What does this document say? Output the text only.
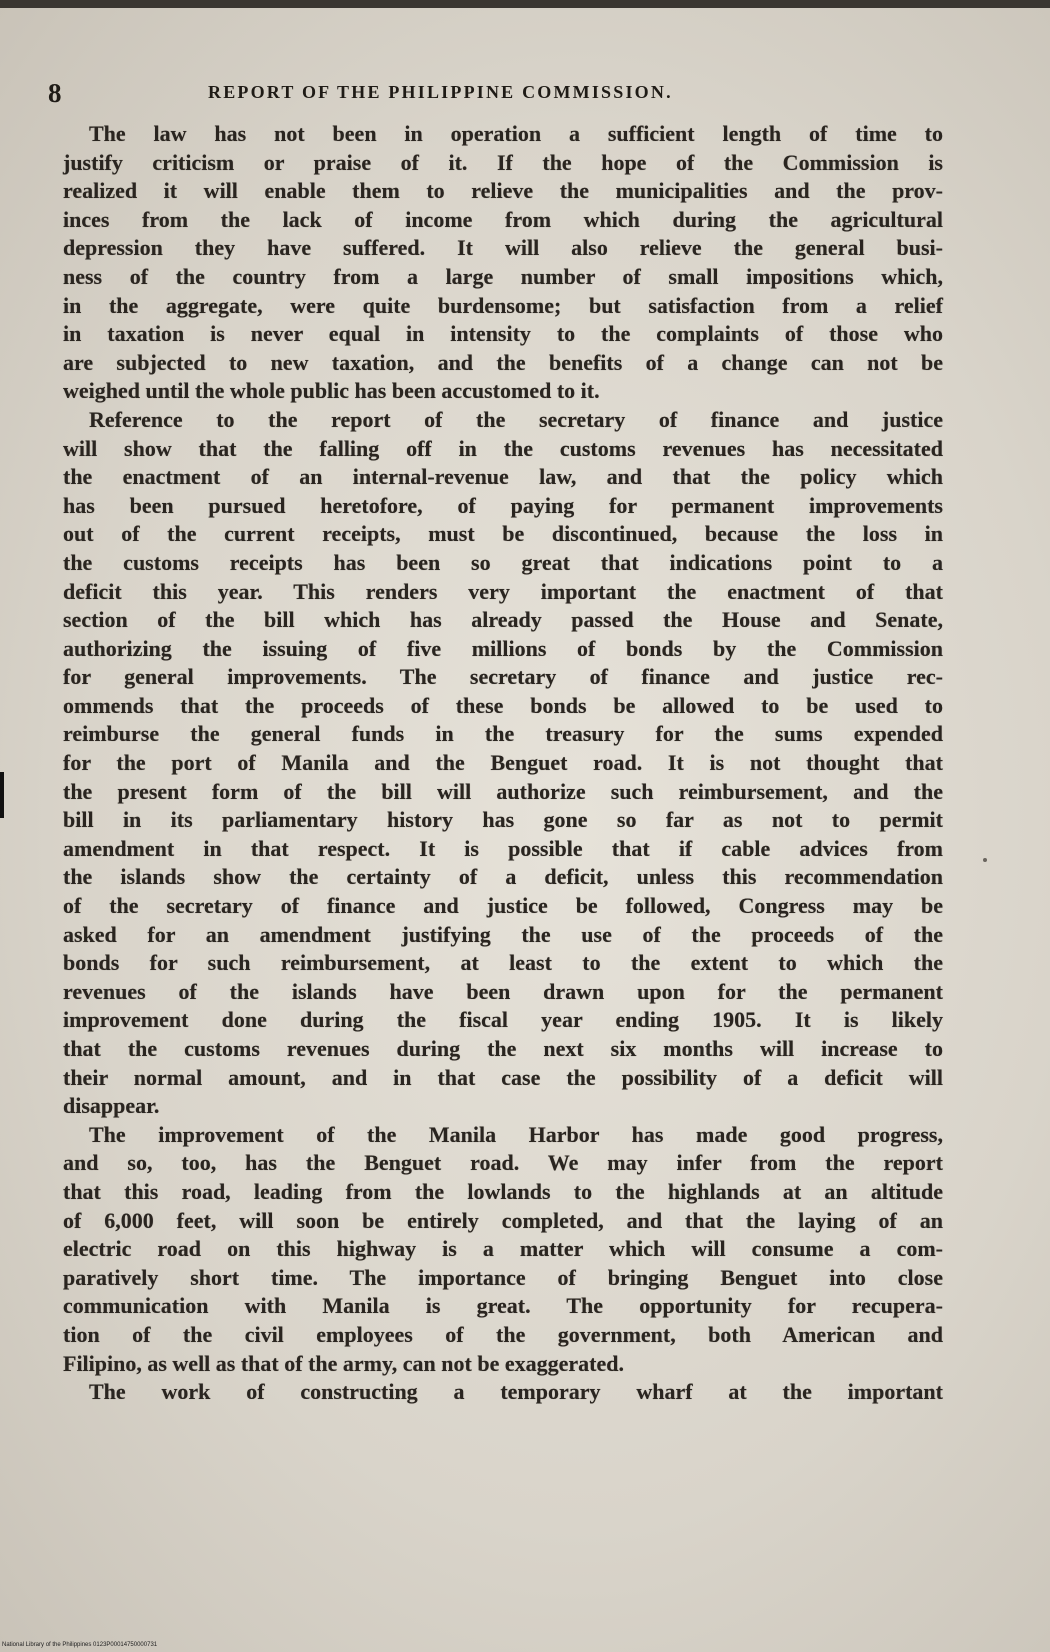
8	REPORT OF THE PHILIPPINE COMMISSION.
The law has not been in operation a sufficient length of time to
justify criticism or praise of it. If the hope of the Commission is
realized it will enable them to relieve the municipalities and the prov-
inces from the lack of income from which during the agricultural
depression they have suffered. It will also relieve the general busi-
ness of the country from a large number of small impositions which,
in the aggregate, were quite burdensome; but satisfaction from a relief
in taxation is never equal in intensity to the complaints of those who
are subjected to new taxation, and the benefits of a change can not be
weighed until the whole public has been accustomed to it.
Reference to the report of the secretary of finance and justice
will show that the falling off in the customs revenues has necessitated
the enactment of an internal-revenue law, and that the policy which
has been pursued heretofore, of paying for permanent improvements
out of the current receipts, must be discontinued, because the loss in
the customs receipts has been so great that indications point to a
deficit this year. This renders very important the enactment of that
section of the bill which has already passed the House and Senate,
authorizing the issuing of five millions of bonds by the Commission
for general improvements. The secretary of finance and justice rec-
ommends that the proceeds of these bonds be allowed to be used to
reimburse the general funds in the treasury for the sums expended
for the port of Manila and the Benguet road. It is not thought that
the present form of the bill will authorize such reimbursement, and the
bill in its parliamentary history has gone so far as not to permit
amendment in that respect. It is possible that if cable advices from
the islands show the certainty of a deficit, unless this recommendation
of the secretary of finance and justice be followed, Congress may be
asked for an amendment justifying the use of the proceeds of the
bonds for such reimbursement, at least to the extent to which the
revenues of the islands have been drawn upon for the permanent
improvement done during the fiscal year ending 1905. It is likely
that the customs revenues during the next six months will increase to
their normal amount, and in that case the possibility of a deficit will
disappear.
The improvement of the Manila Harbor has made good progress,
and so, too, has the Benguet road. We may infer from the report
that this road, leading from the lowlands to the highlands at an altitude
of 6,000 feet, will soon be entirely completed, and that the laying of an
electric road on this highway is a matter which will consume a com-
paratively short time. The importance of bringing Benguet into close
communication with Manila is great. The opportunity for recupera-
tion of the civil employees of the government, both American and
Filipino, as well as that of the army, can not be exaggerated.
The work of constructing a temporary wharf at the important
National Library of the Philippines 0123P00014750000731
